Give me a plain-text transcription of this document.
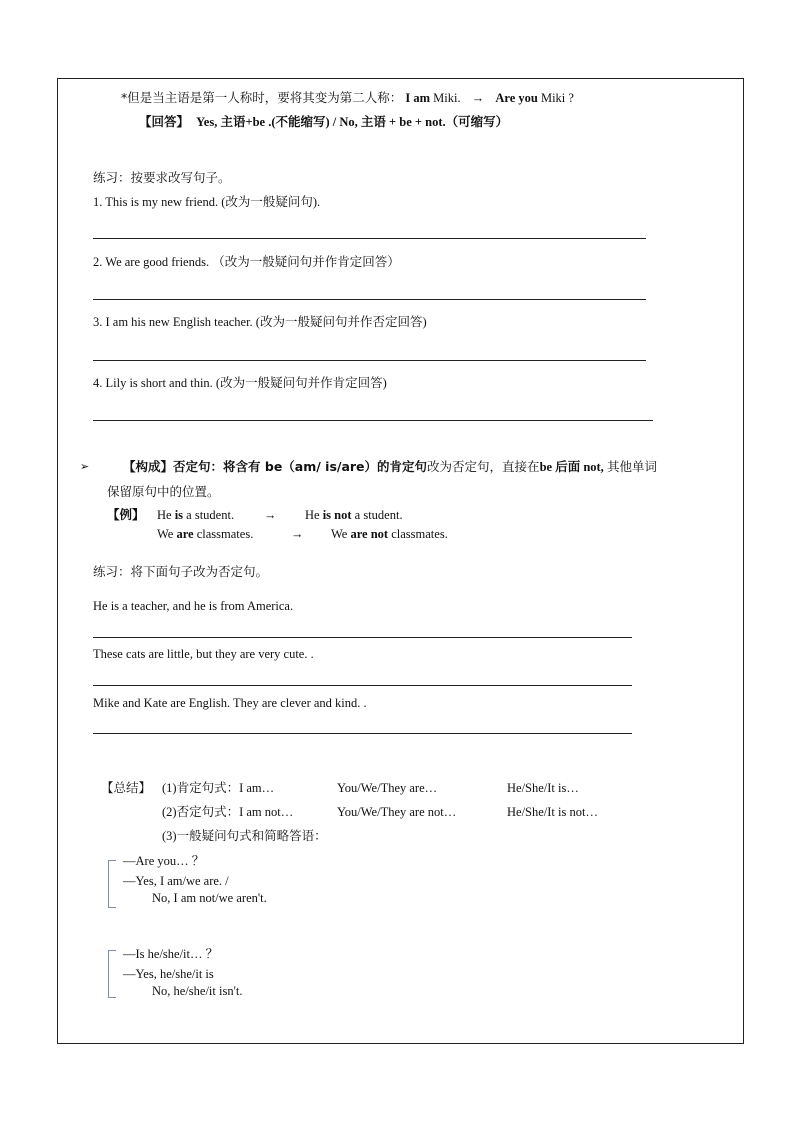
*但是当主语是第一人称时，要将其变为第二人称： I am Miki. → Are you Miki ?
【回答】 Yes, 主语+be .(不能缩写) / No, 主语 + be + not.（可缩写）
练习：按要求改写句子。
1. This is my new friend. (改为一般疑问句).
2. We are good friends. （改为一般疑问句并作肯定回答）
3. I am his new English teacher. (改为一般疑问句并作否定回答)
4. Lily is short and thin. (改为一般疑问句并作肯定回答)
➢	【构成】否定句：将含有 be（am/ is/are）的肯定句改为否定句，直接在be 后面 not, 其他单词
保留原句中的位置。
【例】 He is a student. → He is not a student.
We are classmates.	→ We are not classmates.
练习：将下面句子改为否定句。
He is a teacher, and he is from America.
These cats are little, but they are very cute. .
Mike and Kate are English. They are clever and kind. .
【总结】 (1)肯定句式：I am…	You/We/They are…	He/She/It is…
(2)否定句式：I am not…	You/We/They are not…	He/She/It is not…
(3)一般疑问句式和简略答语：
—Are you… ？
—Yes, I am/we are. /
No, I am not/we aren't.
—Is he/she/it… ？
—Yes, he/she/it is
No, he/she/it isn't.
